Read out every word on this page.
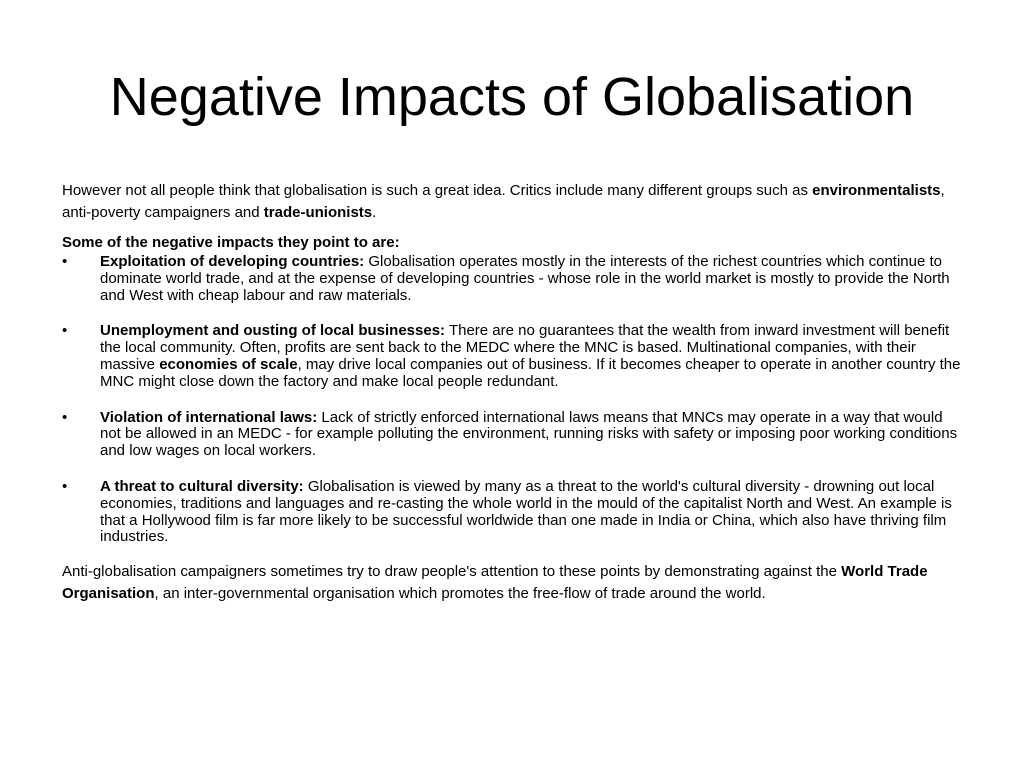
Negative Impacts of Globalisation

However not all people think that globalisation is such a great idea. Critics include many different groups such as environmentalists, anti-poverty campaigners and trade-unionists.

Some of the negative impacts they point to are:

• Exploitation of developing countries: Globalisation operates mostly in the interests of the richest countries which continue to dominate world trade, and at the expense of developing countries - whose role in the world market is mostly to provide the North and West with cheap labour and raw materials.
• Unemployment and ousting of local businesses: There are no guarantees that the wealth from inward investment will benefit the local community. Often, profits are sent back to the MEDC where the MNC is based. Multinational companies, with their massive economies of scale, may drive local companies out of business. If it becomes cheaper to operate in another country the MNC might close down the factory and make local people redundant.
• Violation of international laws: Lack of strictly enforced international laws means that MNCs may operate in a way that would not be allowed in an MEDC - for example polluting the environment, running risks with safety or imposing poor working conditions and low wages on local workers.
• A threat to cultural diversity: Globalisation is viewed by many as a threat to the world's cultural diversity - drowning out local economies, traditions and languages and re-casting the whole world in the mould of the capitalist North and West. An example is that a Hollywood film is far more likely to be successful worldwide than one made in India or China, which also have thriving film industries.

Anti-globalisation campaigners sometimes try to draw people's attention to these points by demonstrating against the World Trade Organisation, an inter-governmental organisation which promotes the free-flow of trade around the world.
